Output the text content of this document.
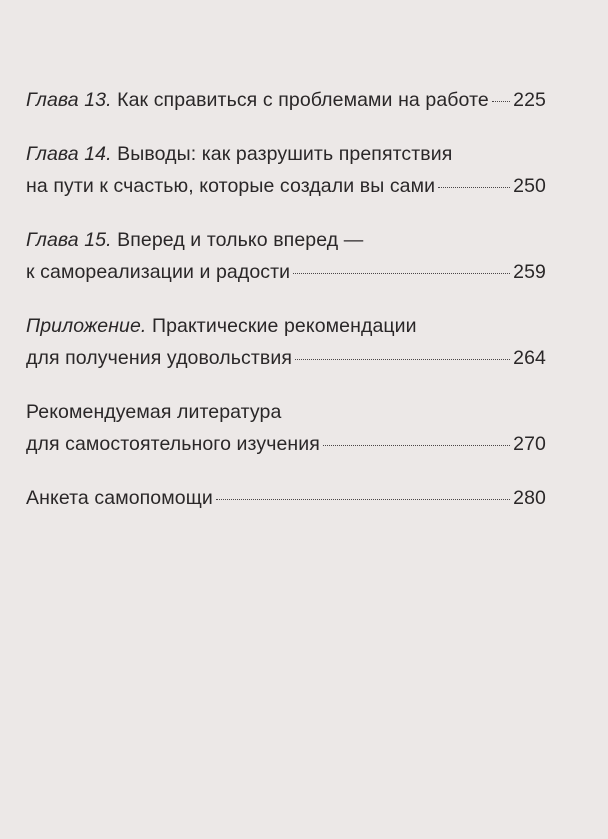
Глава 13. Как справиться с проблемами на работе 225
Глава 14. Выводы: как разрушить препятствия
на пути к счастью, которые создали вы сами	250
Глава 15. Вперед и только вперед —
к самореализации и радости	259
Приложение. Практические рекомендации
для получения удовольствия	264
Рекомендуемая литература
для самостоятельного изучения	270
Анкета самопомощи	280
